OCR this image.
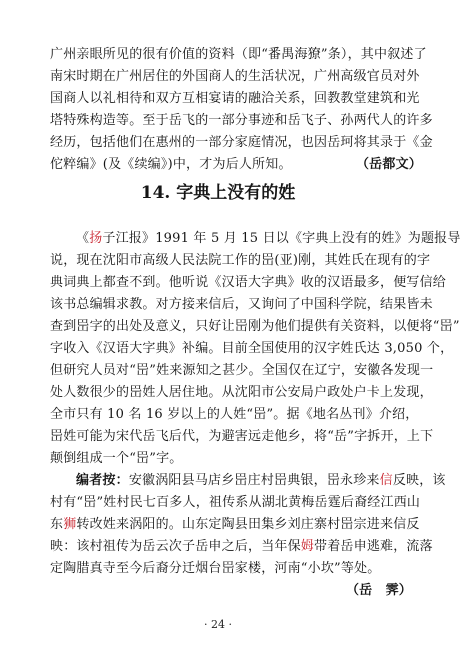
广州亲眼所见的很有价值的资料（即“番禺海獠”条），其中叙述了
南宋时期在广州居住的外国商人的生活状况，广州高级官员对外
国商人以礼相待和双方互相宴请的融洽关系，回教教堂建筑和光
塔特殊构造等。至于岳飞的一部分事迹和岳飞子、孙两代人的许多
经历，包括他们在惠州的一部分家庭情况，也因岳珂将其录于《金
佗粹编》(及《续编》)中，才为后人所知。	（岳都文）
14. 字典上没有的姓
《扬子江报》1991 年 5 月 15 日以《字典上没有的姓》为题报导
说，现在沈阳市高级人民法院工作的岊(亚)刚，其姓氏在现有的字
典词典上都查不到。他听说《汉语大字典》收的汉语最多，便写信给
该书总编辑求教。对方接来信后，又询问了中国科学院，结果皆未
查到岊字的出处及意义，只好让岊刚为他们提供有关资料，以便将“岊”
字收入《汉语大字典》补编。目前全国使用的汉字姓氏达 3,050 个，
但研究人员对“岊”姓来源知之甚少。全国仅在辽宁，安徽各发现一
处人数很少的岊姓人居住地。从沈阳市公安局户政处户卡上发现，
全市只有 10 名 16 岁以上的人姓“岊”。据《地名丛刊》介绍，
岊姓可能为宋代岳飞后代，为避害远走他乡，将“岳”字拆开，上下
颠倒组成一个“岊”字。
编者按：安徽涡阳县马店乡岊庄村岊典银，岊永珍来信反映，该
村有“岊”姓村民七百多人，祖传系从湖北黄梅岳霆后裔经江西山
东狮转改姓来涡阳的。山东定陶县田集乡刘庄寨村岊宗进来信反
映：该村祖传为岳云次子岳申之后，当年保姆带着岳申逃难，流落
定陶腊真寺至今后裔分迁烟台岊家楼，河南“小坎”等处。
（岳　霁）
· 24 ·
